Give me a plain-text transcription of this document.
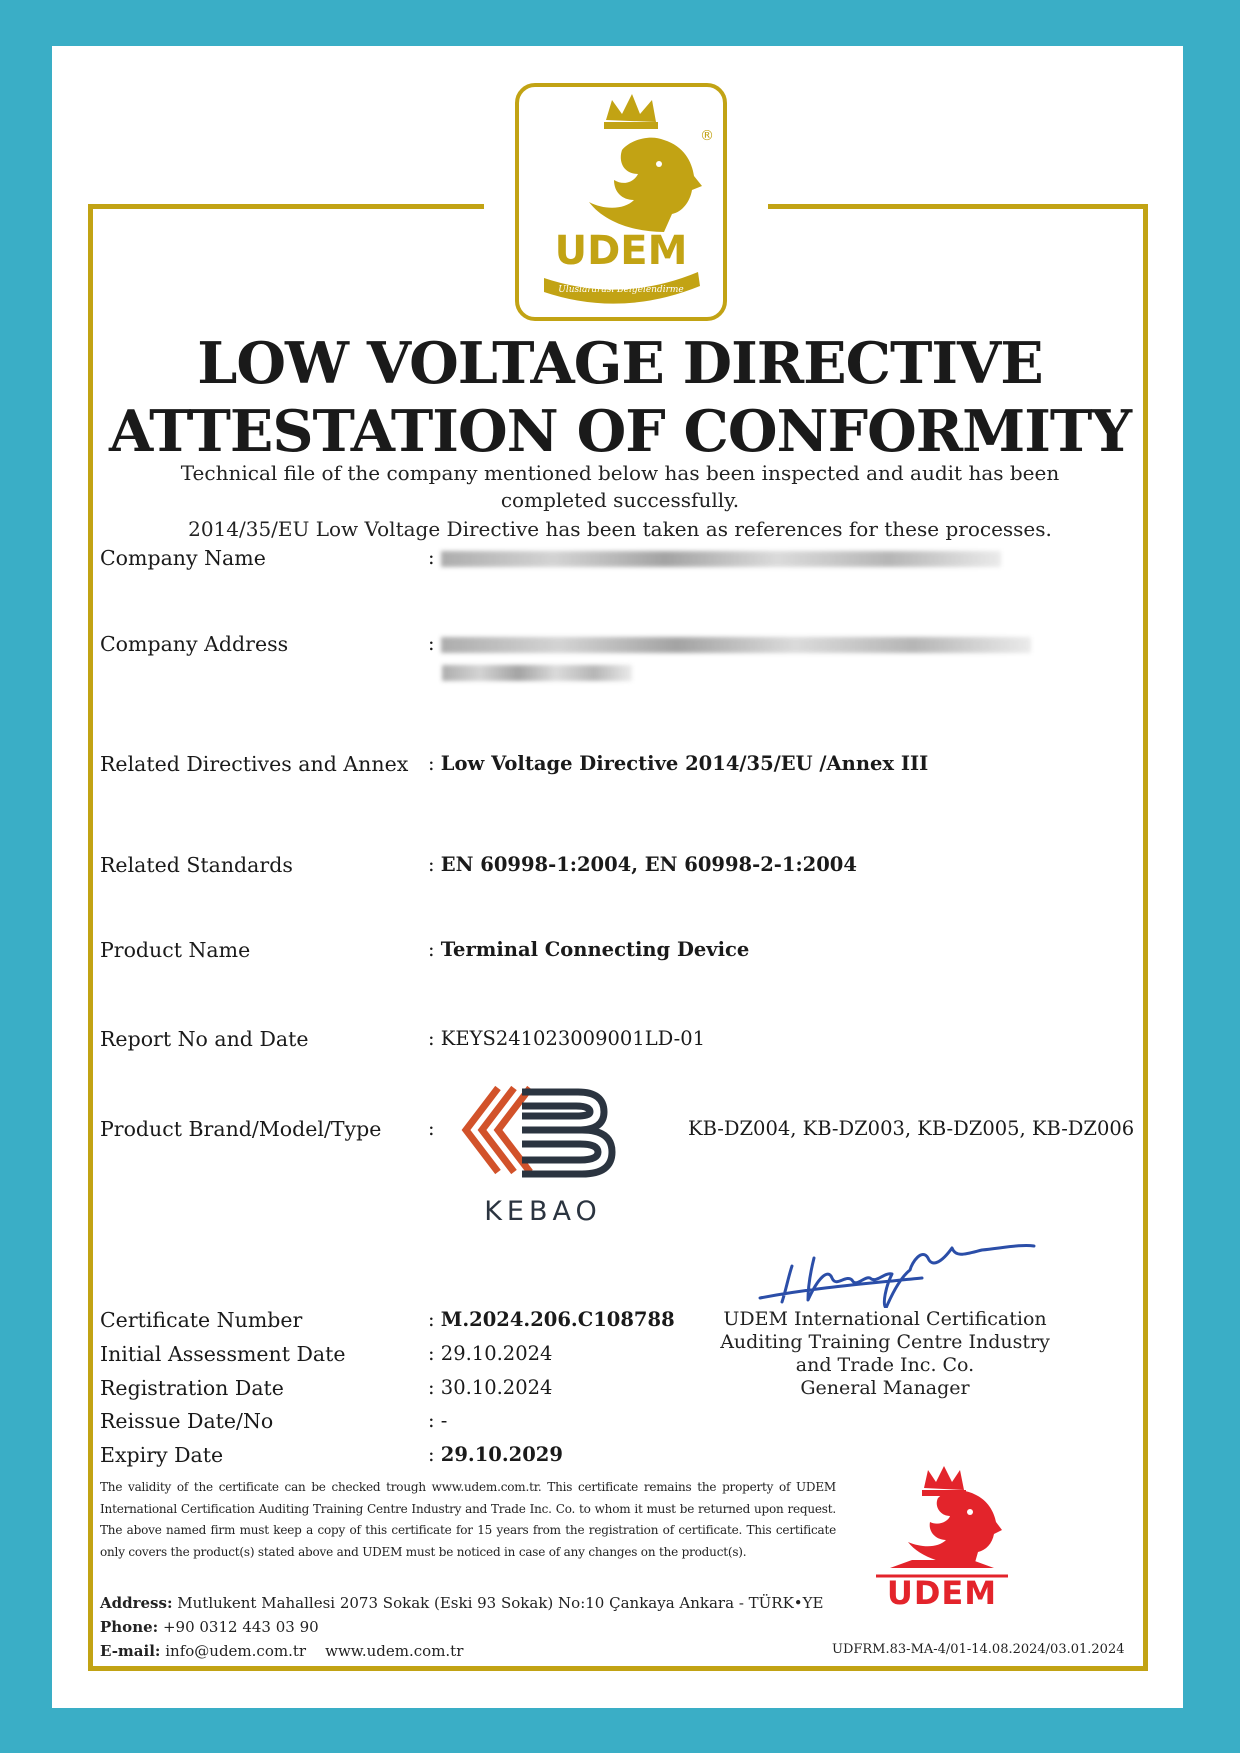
®
UDEM
Uluslararası Belgelendirme
LOW VOLTAGE DIRECTIVE
ATTESTATION OF CONFORMITY
Technical file of the company mentioned below has been inspected and audit has been completed successfully.
2014/35/EU Low Voltage Directive has been taken as references for these processes.
Company Name	:
Company Address	:
Related Directives and Annex : Low Voltage Directive 2014/35/EU /Annex III
Related Standards	: EN 60998-1:2004, EN 60998-2-1:2004
Product Name	: Terminal Connecting Device
Report No and Date	: KEYS241023009001LD-01
Product Brand/Model/Type :
KEBAO
KB-DZ004, KB-DZ003, KB-DZ005, KB-DZ006
UDEM International Certification
Auditing Training Centre Industry
and Trade Inc. Co.
General Manager
Certificate Number	: M.2024.206.C108788
Initial Assessment Date	: 29.10.2024
Registration Date	: 30.10.2024
Reissue Date/No	: -
Expiry Date	: 29.10.2029
The validity of the certificate can be checked trough www.udem.com.tr. This certificate remains the property of UDEM International Certification Auditing Training Centre Industry and Trade Inc. Co. to whom it must be returned upon request. The above named firm must keep a copy of this certificate for 15 years from the registration of certificate. This certificate only covers the product(s) stated above and UDEM must be noticed in case of any changes on the product(s).
UDEM
Address: Mutlukent Mahallesi 2073 Sokak (Eski 93 Sokak) No:10 Çankaya Ankara - TÜRK•YE
Phone: +90 0312 443 03 90
E-mail: info@udem.com.tr www.udem.com.tr	UDFRM.83-MA-4/01-14.08.2024/03.01.2024
